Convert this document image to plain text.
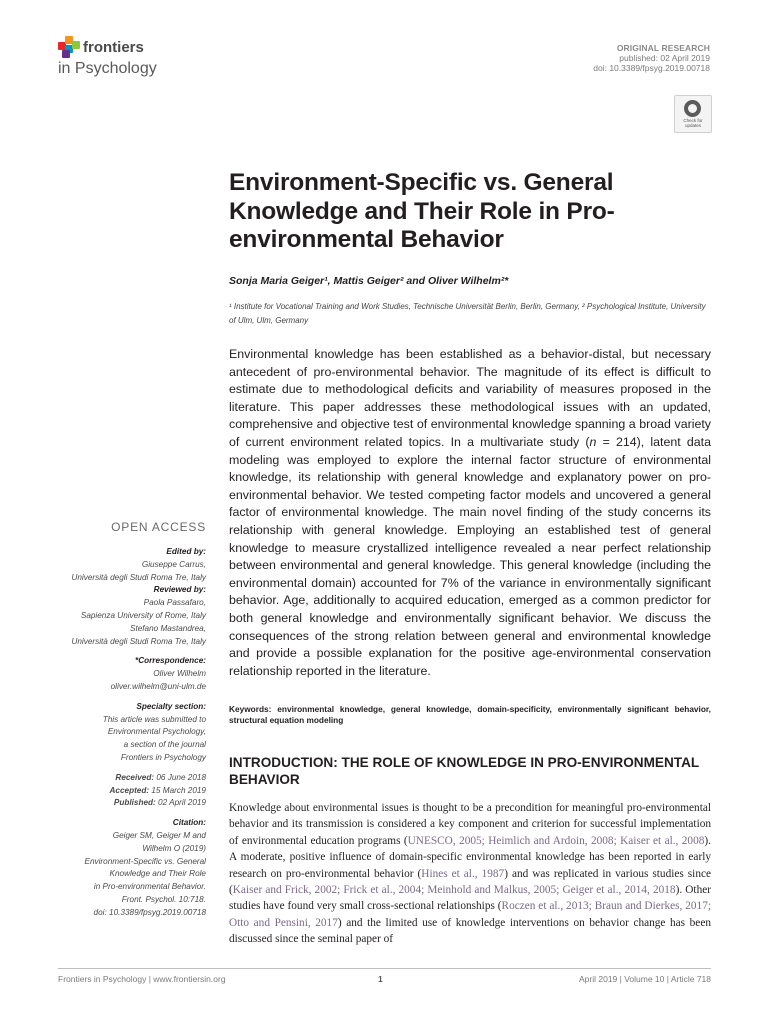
frontiers
in Psychology
ORIGINAL RESEARCH
published: 02 April 2019
doi: 10.3389/fpsyg.2019.00718
Check for updates
Environment-Specific vs. General Knowledge and Their Role in Pro-environmental Behavior
Sonja Maria Geiger¹, Mattis Geiger² and Oliver Wilhelm²*
¹ Institute for Vocational Training and Work Studies, Technische Universität Berlin, Berlin, Germany, ² Psychological Institute, University of Ulm, Ulm, Germany
Environmental knowledge has been established as a behavior-distal, but necessary antecedent of pro-environmental behavior. The magnitude of its effect is difficult to estimate due to methodological deficits and variability of measures proposed in the literature. This paper addresses these methodological issues with an updated, comprehensive and objective test of environmental knowledge spanning a broad variety of current environment related topics. In a multivariate study (n = 214), latent data modeling was employed to explore the internal factor structure of environmental knowledge, its relationship with general knowledge and explanatory power on pro-environmental behavior. We tested competing factor models and uncovered a general factor of environmental knowledge. The main novel finding of the study concerns its relationship with general knowledge. Employing an established test of general knowledge to measure crystallized intelligence revealed a near perfect relationship between environmental and general knowledge. This general knowledge (including the environmental domain) accounted for 7% of the variance in environmentally significant behavior. Age, additionally to acquired education, emerged as a common predictor for both general knowledge and environmentally significant behavior. We discuss the consequences of the strong relation between general and environmental knowledge and provide a possible explanation for the positive age-environmental conservation relationship reported in the literature.
Keywords: environmental knowledge, general knowledge, domain-specificity, environmentally significant behavior, structural equation modeling
INTRODUCTION: THE ROLE OF KNOWLEDGE IN PRO-ENVIRONMENTAL BEHAVIOR
Knowledge about environmental issues is thought to be a precondition for meaningful pro-environmental behavior and its transmission is considered a key component and criterion for successful implementation of environmental education programs (UNESCO, 2005; Heimlich and Ardoin, 2008; Kaiser et al., 2008). A moderate, positive influence of domain-specific environmental knowledge has been reported in early research on pro-environmental behavior (Hines et al., 1987) and was replicated in various studies since (Kaiser and Frick, 2002; Frick et al., 2004; Meinhold and Malkus, 2005; Geiger et al., 2014, 2018). Other studies have found very small cross-sectional relationships (Roczen et al., 2013; Braun and Dierkes, 2017; Otto and Pensini, 2017) and the limited use of knowledge interventions on behavior change has been discussed since the seminal paper of
OPEN ACCESS
Edited by:
Giuseppe Carrus,
Università degli Studi Roma Tre, Italy
Reviewed by:
Paola Passafaro,
Sapienza University of Rome, Italy
Stefano Mastandrea,
Università degli Studi Roma Tre, Italy
*Correspondence:
Oliver Wilhelm
oliver.wilhelm@uni-ulm.de
Specialty section:
This article was submitted to
Environmental Psychology,
a section of the journal
Frontiers in Psychology
Received: 06 June 2018
Accepted: 15 March 2019
Published: 02 April 2019
Citation:
Geiger SM, Geiger M and
Wilhelm O (2019)
Environment-Specific vs. General
Knowledge and Their Role
in Pro-environmental Behavior.
Front. Psychol. 10:718.
doi: 10.3389/fpsyg.2019.00718
Frontiers in Psychology | www.frontiersin.org	1	April 2019 | Volume 10 | Article 718
